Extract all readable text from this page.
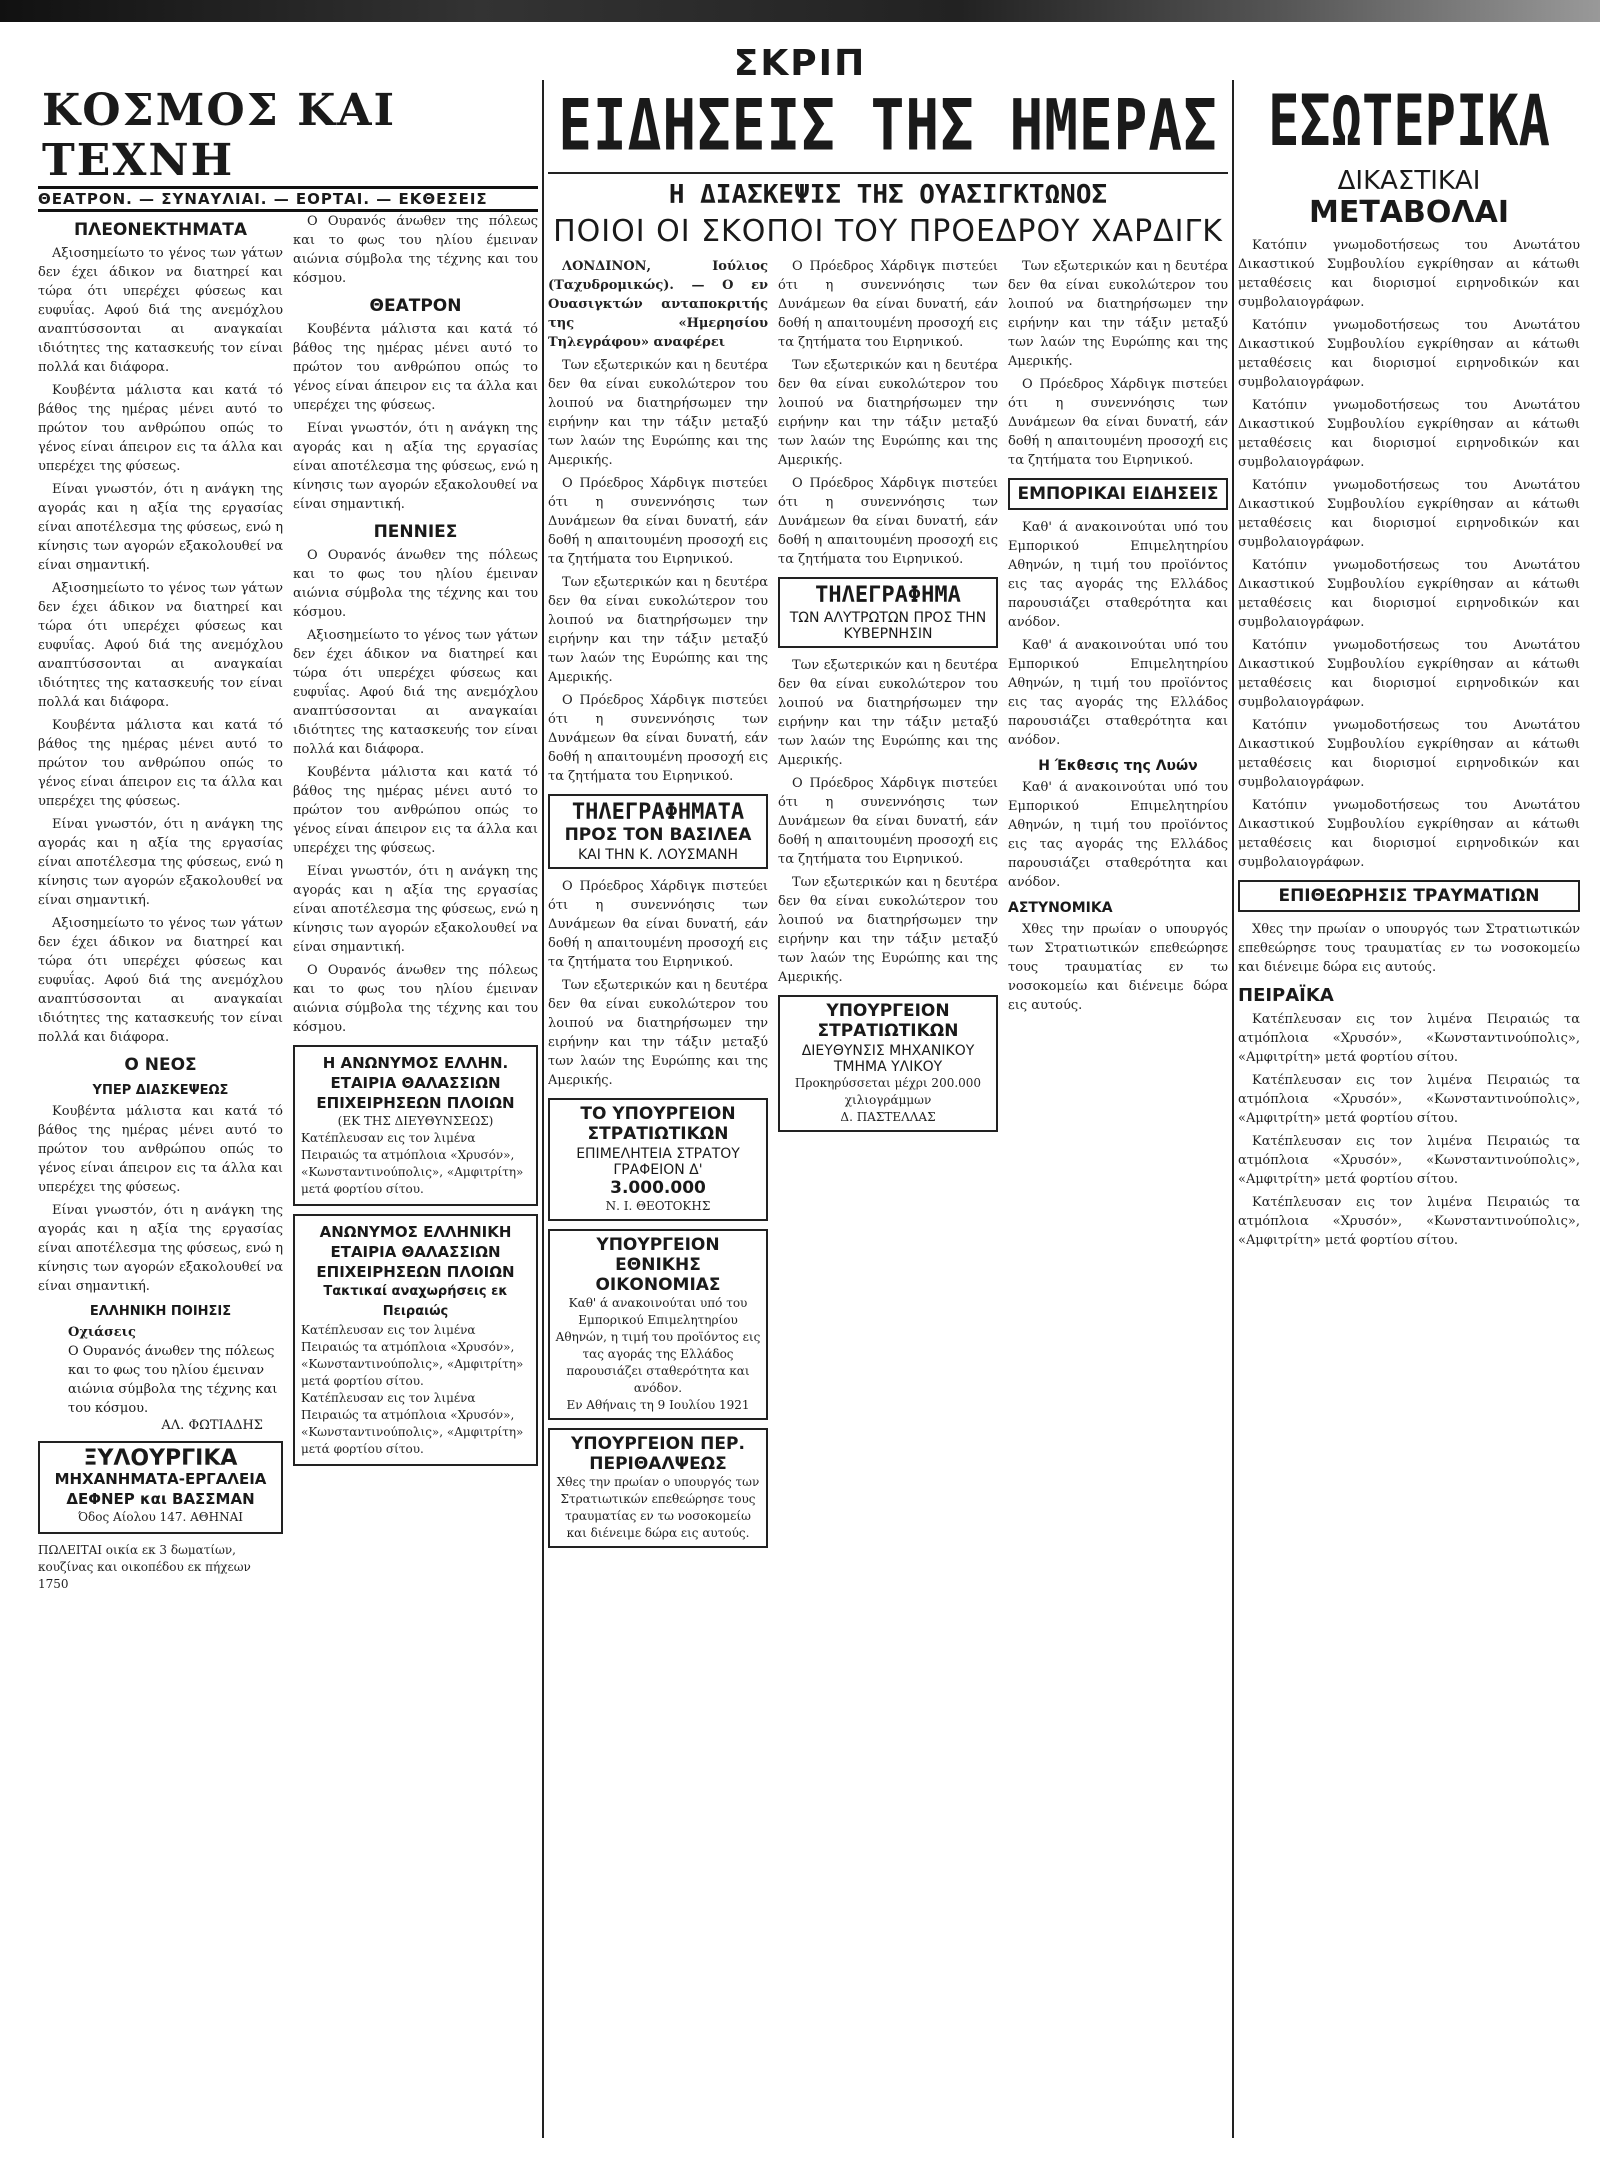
ΣΚΡΙΠ
ΚΟΣΜΟΣ ΚΑΙ ΤΕΧΝΗ
ΘΕΑΤΡΟΝ. — ΣΥΝΑΥΛΙΑΙ. — ΕΟΡΤΑΙ. — ΕΚΘΕΣΕΙΣ
ΠΛΕΟΝΕΚΤΗΜΑΤΑ

Αξιοσημείωτο το γένος των γάτων δεν έχει άδικον να διατηρεί και τώρα ότι υπερέχει φύσεως και ευφυΐας. Αφού διά της ανεμόχλου αναπτύσσονται αι αναγκαίαι ιδιότητες της κατασκευής τον είναι πολλά και διάφορα.

Κουβέντα μάλιστα και κατά τό βάθος της ημέρας μένει αυτό το πρώτον του ανθρώπου οπώς το γένος είναι άπειρον εις τα άλλα και υπερέχει της φύσεως.

Είναι γνωστόν, ότι η ανάγκη της αγοράς και η αξία της εργασίας είναι αποτέλεσμα της φύσεως, ενώ η κίνησις των αγορών εξακολουθεί να είναι σημαντική.

Αξιοσημείωτο το γένος των γάτων δεν έχει άδικον να διατηρεί και τώρα ότι υπερέχει φύσεως και ευφυΐας. Αφού διά της ανεμόχλου αναπτύσσονται αι αναγκαίαι ιδιότητες της κατασκευής τον είναι πολλά και διάφορα.

Κουβέντα μάλιστα και κατά τό βάθος της ημέρας μένει αυτό το πρώτον του ανθρώπου οπώς το γένος είναι άπειρον εις τα άλλα και υπερέχει της φύσεως.

Είναι γνωστόν, ότι η ανάγκη της αγοράς και η αξία της εργασίας είναι αποτέλεσμα της φύσεως, ενώ η κίνησις των αγορών εξακολουθεί να είναι σημαντική.

Αξιοσημείωτο το γένος των γάτων δεν έχει άδικον να διατηρεί και τώρα ότι υπερέχει φύσεως και ευφυΐας. Αφού διά της ανεμόχλου αναπτύσσονται αι αναγκαίαι ιδιότητες της κατασκευής τον είναι πολλά και διάφορα.

Ο ΝΕΟΣ
ΥΠΕΡ ΔΙΑΣΚΕΨΕΩΣ

Κουβέντα μάλιστα και κατά τό βάθος της ημέρας μένει αυτό το πρώτον του ανθρώπου οπώς το γένος είναι άπειρον εις τα άλλα και υπερέχει της φύσεως.

Είναι γνωστόν, ότι η ανάγκη της αγοράς και η αξία της εργασίας είναι αποτέλεσμα της φύσεως, ενώ η κίνησις των αγορών εξακολουθεί να είναι σημαντική.

ΕΛΛΗΝΙΚΗ ΠΟΙΗΣΙΣ
Οχιάσεις
Ο Ουρανός άνωθεν της πόλεως και το φως του ηλίου έμειναν αιώνια σύμβολα της τέχνης και του κόσμου.
ΑΛ. ΦΩΤΙΑΔΗΣ
ΞΥΛΟΥΡΓΙΚΑ
ΜΗΧΑΝΗΜΑΤΑ-ΕΡΓΑΛΕΙΑ
ΔΕΦΝΕΡ και ΒΑΣΣΜΑΝ
Όδος Αίολου 147. ΑΘΗΝΑΙ
ΠΩΛΕΙΤΑΙ οικία εκ 3 δωματίων, κουζίνας και οικοπέδου εκ πήχεων 1750

Ο Ουρανός άνωθεν της πόλεως και το φως του ηλίου έμειναν αιώνια σύμβολα της τέχνης και του κόσμου.

ΘΕΑΤΡΟΝ

Κουβέντα μάλιστα και κατά τό βάθος της ημέρας μένει αυτό το πρώτον του ανθρώπου οπώς το γένος είναι άπειρον εις τα άλλα και υπερέχει της φύσεως.

Είναι γνωστόν, ότι η ανάγκη της αγοράς και η αξία της εργασίας είναι αποτέλεσμα της φύσεως, ενώ η κίνησις των αγορών εξακολουθεί να είναι σημαντική.

ΠΕΝΝΙΕΣ

Ο Ουρανός άνωθεν της πόλεως και το φως του ηλίου έμειναν αιώνια σύμβολα της τέχνης και του κόσμου.

Αξιοσημείωτο το γένος των γάτων δεν έχει άδικον να διατηρεί και τώρα ότι υπερέχει φύσεως και ευφυΐας. Αφού διά της ανεμόχλου αναπτύσσονται αι αναγκαίαι ιδιότητες της κατασκευής τον είναι πολλά και διάφορα.

Κουβέντα μάλιστα και κατά τό βάθος της ημέρας μένει αυτό το πρώτον του ανθρώπου οπώς το γένος είναι άπειρον εις τα άλλα και υπερέχει της φύσεως.

Είναι γνωστόν, ότι η ανάγκη της αγοράς και η αξία της εργασίας είναι αποτέλεσμα της φύσεως, ενώ η κίνησις των αγορών εξακολουθεί να είναι σημαντική.

Ο Ουρανός άνωθεν της πόλεως και το φως του ηλίου έμειναν αιώνια σύμβολα της τέχνης και του κόσμου.

Η ΑΝΩΝΥΜΟΣ ΕΛΛΗΝ. ΕΤΑΙΡΙΑ ΘΑΛΑΣΣΙΩΝ ΕΠΙΧΕΙΡΗΣΕΩΝ ΠΛΟΙΩΝ
(ΕΚ ΤΗΣ ΔΙΕΥΘΥΝΣΕΩΣ)
Κατέπλευσαν εις τον λιμένα Πειραιώς τα ατμόπλοια «Χρυσόν», «Κωνσταντινούπολις», «Αμφιτρίτη» μετά φορτίου σίτου.
ΑΝΩΝΥΜΟΣ ΕΛΛΗΝΙΚΗ ΕΤΑΙΡΙΑ ΘΑΛΑΣΣΙΩΝ ΕΠΙΧΕΙΡΗΣΕΩΝ ΠΛΟΙΩΝ
Τακτικαί αναχωρήσεις εκ Πειραιώς
Κατέπλευσαν εις τον λιμένα Πειραιώς τα ατμόπλοια «Χρυσόν», «Κωνσταντινούπολις», «Αμφιτρίτη» μετά φορτίου σίτου.
Κατέπλευσαν εις τον λιμένα Πειραιώς τα ατμόπλοια «Χρυσόν», «Κωνσταντινούπολις», «Αμφιτρίτη» μετά φορτίου σίτου.
ΕΙΔΗΣΕΙΣ ΤΗΣ ΗΜΕΡΑΣ
Η ΔΙΑΣΚΕΨΙΣ ΤΗΣ ΟΥΑΣΙΓΚΤΩΝΟΣ
ΠΟΙΟΙ ΟΙ ΣΚΟΠΟΙ ΤΟΥ ΠΡΟΕΔΡΟΥ ΧΑΡΔΙΓΚ

ΛΟΝΔΙΝΟΝ, Ιούλιος (Ταχυδρομικώς). — Ο εν Ουασιγκτών ανταποκριτής της «Ημερησίου Τηλεγράφου» αναφέρει

Των εξωτερικών και η δευτέρα δεν θα είναι ευκολώτερον του λοιπού να διατηρήσωμεν την ειρήνην και την τάξιν μεταξύ των λαών της Ευρώπης και της Αμερικής.

Ο Πρόεδρος Χάρδιγκ πιστεύει ότι η συνεννόησις των Δυνάμεων θα είναι δυνατή, εάν δοθή η απαιτουμένη προσοχή εις τα ζητήματα του Ειρηνικού.

Των εξωτερικών και η δευτέρα δεν θα είναι ευκολώτερον του λοιπού να διατηρήσωμεν την ειρήνην και την τάξιν μεταξύ των λαών της Ευρώπης και της Αμερικής.

Ο Πρόεδρος Χάρδιγκ πιστεύει ότι η συνεννόησις των Δυνάμεων θα είναι δυνατή, εάν δοθή η απαιτουμένη προσοχή εις τα ζητήματα του Ειρηνικού.

ΤΗΛΕΓΡΑΦΗΜΑΤΑ
ΠΡΟΣ ΤΟΝ ΒΑΣΙΛΕΑ
ΚΑΙ ΤΗΝ Κ. ΛΟΥΣΜΑΝΗ

Ο Πρόεδρος Χάρδιγκ πιστεύει ότι η συνεννόησις των Δυνάμεων θα είναι δυνατή, εάν δοθή η απαιτουμένη προσοχή εις τα ζητήματα του Ειρηνικού.

Των εξωτερικών και η δευτέρα δεν θα είναι ευκολώτερον του λοιπού να διατηρήσωμεν την ειρήνην και την τάξιν μεταξύ των λαών της Ευρώπης και της Αμερικής.

ΤΟ ΥΠΟΥΡΓΕΙΟΝ ΣΤΡΑΤΙΩΤΙΚΩΝ
ΕΠΙΜΕΛΗΤΕΙΑ ΣΤΡΑΤΟΥ ΓΡΑΦΕΙΟΝ Δ'
3.000.000
Ν. Ι. ΘΕΟΤΟΚΗΣ
ΥΠΟΥΡΓΕΙΟΝ ΕΘΝΙΚΗΣ ΟΙΚΟΝΟΜΙΑΣ
Καθ' ά ανακοινούται υπό του Εμπορικού Επιμελητηρίου Αθηνών, η τιμή του προϊόντος εις τας αγοράς της Ελλάδος παρουσιάζει σταθερότητα και ανόδον.
Εν Αθήναις τη 9 Ιουλίου 1921
ΥΠΟΥΡΓΕΙΟΝ ΠΕΡ. ΠΕΡΙΘΑΛΨΕΩΣ
Χθες την πρωίαν ο υπουργός των Στρατιωτικών επεθεώρησε τους τραυματίας εν τω νοσοκομείω και διένειμε δώρα εις αυτούς.

Ο Πρόεδρος Χάρδιγκ πιστεύει ότι η συνεννόησις των Δυνάμεων θα είναι δυνατή, εάν δοθή η απαιτουμένη προσοχή εις τα ζητήματα του Ειρηνικού.

Των εξωτερικών και η δευτέρα δεν θα είναι ευκολώτερον του λοιπού να διατηρήσωμεν την ειρήνην και την τάξιν μεταξύ των λαών της Ευρώπης και της Αμερικής.

Ο Πρόεδρος Χάρδιγκ πιστεύει ότι η συνεννόησις των Δυνάμεων θα είναι δυνατή, εάν δοθή η απαιτουμένη προσοχή εις τα ζητήματα του Ειρηνικού.

ΤΗΛΕΓΡΑΦΗΜΑ
ΤΩΝ ΑΛΥΤΡΩΤΩΝ ΠΡΟΣ ΤΗΝ ΚΥΒΕΡΝΗΣΙΝ

Των εξωτερικών και η δευτέρα δεν θα είναι ευκολώτερον του λοιπού να διατηρήσωμεν την ειρήνην και την τάξιν μεταξύ των λαών της Ευρώπης και της Αμερικής.

Ο Πρόεδρος Χάρδιγκ πιστεύει ότι η συνεννόησις των Δυνάμεων θα είναι δυνατή, εάν δοθή η απαιτουμένη προσοχή εις τα ζητήματα του Ειρηνικού.

Των εξωτερικών και η δευτέρα δεν θα είναι ευκολώτερον του λοιπού να διατηρήσωμεν την ειρήνην και την τάξιν μεταξύ των λαών της Ευρώπης και της Αμερικής.

ΥΠΟΥΡΓΕΙΟΝ ΣΤΡΑΤΙΩΤΙΚΩΝ
ΔΙΕΥΘΥΝΣΙΣ ΜΗΧΑΝΙΚΟΥ ΤΜΗΜΑ ΥΛΙΚΟΥ
Προκηρύσσεται μέχρι 200.000 χιλιογράμμων
Δ. ΠΑΣΤΕΛΛΑΣ

Των εξωτερικών και η δευτέρα δεν θα είναι ευκολώτερον του λοιπού να διατηρήσωμεν την ειρήνην και την τάξιν μεταξύ των λαών της Ευρώπης και της Αμερικής.

Ο Πρόεδρος Χάρδιγκ πιστεύει ότι η συνεννόησις των Δυνάμεων θα είναι δυνατή, εάν δοθή η απαιτουμένη προσοχή εις τα ζητήματα του Ειρηνικού.

ΕΜΠΟΡΙΚΑΙ ΕΙΔΗΣΕΙΣ

Καθ' ά ανακοινούται υπό του Εμπορικού Επιμελητηρίου Αθηνών, η τιμή του προϊόντος εις τας αγοράς της Ελλάδος παρουσιάζει σταθερότητα και ανόδον.

Καθ' ά ανακοινούται υπό του Εμπορικού Επιμελητηρίου Αθηνών, η τιμή του προϊόντος εις τας αγοράς της Ελλάδος παρουσιάζει σταθερότητα και ανόδον.

Η Έκθεσις της Λυών

Καθ' ά ανακοινούται υπό του Εμπορικού Επιμελητηρίου Αθηνών, η τιμή του προϊόντος εις τας αγοράς της Ελλάδος παρουσιάζει σταθερότητα και ανόδον.

ΑΣΤΥΝΟΜΙΚΑ

Χθες την πρωίαν ο υπουργός των Στρατιωτικών επεθεώρησε τους τραυματίας εν τω νοσοκομείω και διένειμε δώρα εις αυτούς.

ΕΣΩΤΕΡΙΚΑ
ΔΙΚΑΣΤΙΚΑΙ
ΜΕΤΑΒΟΛΑΙ

Κατόπιν γνωμοδοτήσεως του Ανωτάτου Δικαστικού Συμβουλίου εγκρίθησαν αι κάτωθι μεταθέσεις και διορισμοί ειρηνοδικών και συμβολαιογράφων.

Κατόπιν γνωμοδοτήσεως του Ανωτάτου Δικαστικού Συμβουλίου εγκρίθησαν αι κάτωθι μεταθέσεις και διορισμοί ειρηνοδικών και συμβολαιογράφων.

Κατόπιν γνωμοδοτήσεως του Ανωτάτου Δικαστικού Συμβουλίου εγκρίθησαν αι κάτωθι μεταθέσεις και διορισμοί ειρηνοδικών και συμβολαιογράφων.

Κατόπιν γνωμοδοτήσεως του Ανωτάτου Δικαστικού Συμβουλίου εγκρίθησαν αι κάτωθι μεταθέσεις και διορισμοί ειρηνοδικών και συμβολαιογράφων.

Κατόπιν γνωμοδοτήσεως του Ανωτάτου Δικαστικού Συμβουλίου εγκρίθησαν αι κάτωθι μεταθέσεις και διορισμοί ειρηνοδικών και συμβολαιογράφων.

Κατόπιν γνωμοδοτήσεως του Ανωτάτου Δικαστικού Συμβουλίου εγκρίθησαν αι κάτωθι μεταθέσεις και διορισμοί ειρηνοδικών και συμβολαιογράφων.

Κατόπιν γνωμοδοτήσεως του Ανωτάτου Δικαστικού Συμβουλίου εγκρίθησαν αι κάτωθι μεταθέσεις και διορισμοί ειρηνοδικών και συμβολαιογράφων.

Κατόπιν γνωμοδοτήσεως του Ανωτάτου Δικαστικού Συμβουλίου εγκρίθησαν αι κάτωθι μεταθέσεις και διορισμοί ειρηνοδικών και συμβολαιογράφων.

ΕΠΙΘΕΩΡΗΣΙΣ ΤΡΑΥΜΑΤΙΩΝ

Χθες την πρωίαν ο υπουργός των Στρατιωτικών επεθεώρησε τους τραυματίας εν τω νοσοκομείω και διένειμε δώρα εις αυτούς.

ΠΕΙΡΑΪΚΑ

Κατέπλευσαν εις τον λιμένα Πειραιώς τα ατμόπλοια «Χρυσόν», «Κωνσταντινούπολις», «Αμφιτρίτη» μετά φορτίου σίτου.

Κατέπλευσαν εις τον λιμένα Πειραιώς τα ατμόπλοια «Χρυσόν», «Κωνσταντινούπολις», «Αμφιτρίτη» μετά φορτίου σίτου.

Κατέπλευσαν εις τον λιμένα Πειραιώς τα ατμόπλοια «Χρυσόν», «Κωνσταντινούπολις», «Αμφιτρίτη» μετά φορτίου σίτου.

Κατέπλευσαν εις τον λιμένα Πειραιώς τα ατμόπλοια «Χρυσόν», «Κωνσταντινούπολις», «Αμφιτρίτη» μετά φορτίου σίτου.
